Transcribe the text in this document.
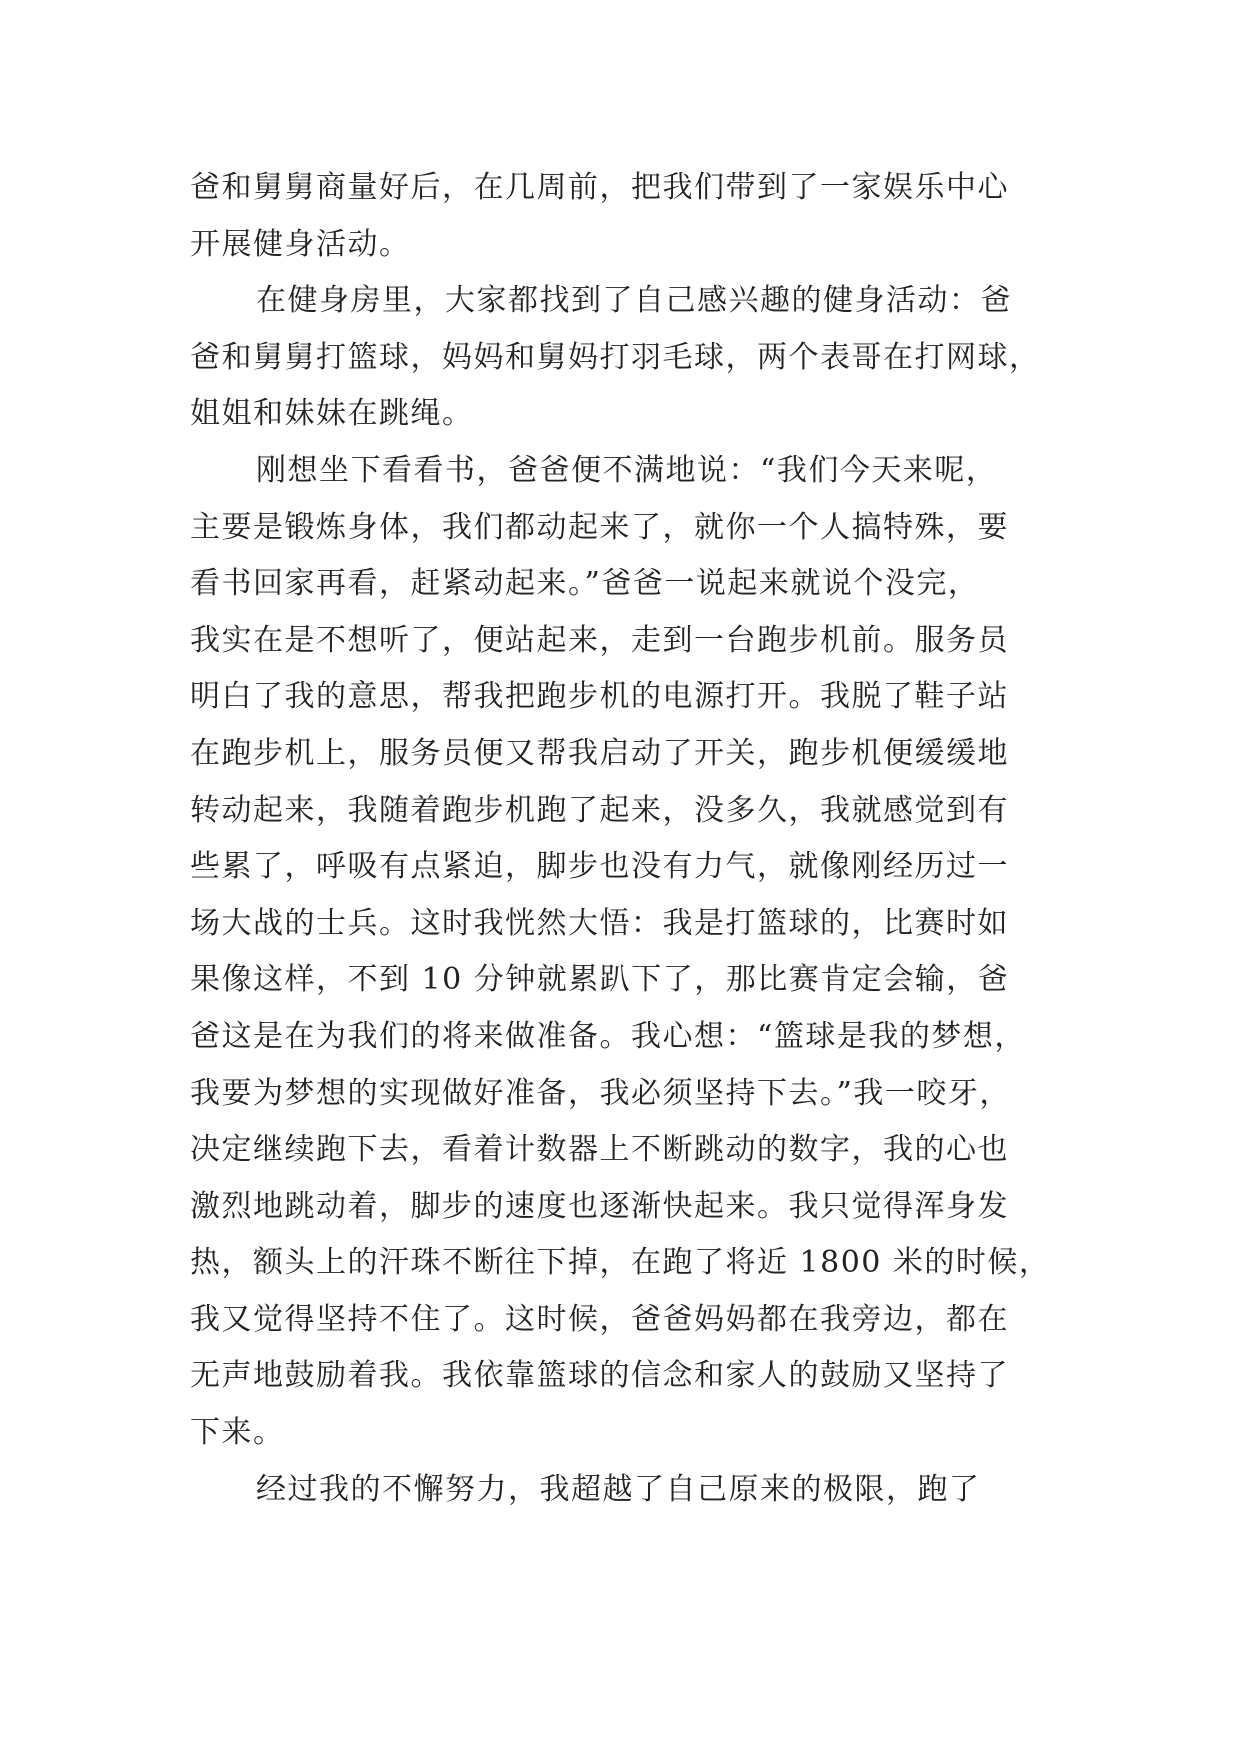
爸和舅舅商量好后，在几周前，把我们带到了一家娱乐中心
开展健身活动。
在健身房里，大家都找到了自己感兴趣的健身活动：爸
爸和舅舅打篮球，妈妈和舅妈打羽毛球，两个表哥在打网球，
姐姐和妹妹在跳绳。
刚想坐下看看书，爸爸便不满地说：“我们今天来呢，
主要是锻炼身体，我们都动起来了，就你一个人搞特殊，要
看书回家再看，赶紧动起来。”爸爸一说起来就说个没完，
我实在是不想听了，便站起来，走到一台跑步机前。服务员
明白了我的意思，帮我把跑步机的电源打开。我脱了鞋子站
在跑步机上，服务员便又帮我启动了开关，跑步机便缓缓地
转动起来，我随着跑步机跑了起来，没多久，我就感觉到有
些累了，呼吸有点紧迫，脚步也没有力气，就像刚经历过一
场大战的士兵。这时我恍然大悟：我是打篮球的，比赛时如
果像这样，不到 10 分钟就累趴下了，那比赛肯定会输，爸
爸这是在为我们的将来做准备。我心想：“篮球是我的梦想，
我要为梦想的实现做好准备，我必须坚持下去。”我一咬牙，
决定继续跑下去，看着计数器上不断跳动的数字，我的心也
激烈地跳动着，脚步的速度也逐渐快起来。我只觉得浑身发
热，额头上的汗珠不断往下掉，在跑了将近 1800 米的时候，
我又觉得坚持不住了。这时候，爸爸妈妈都在我旁边，都在
无声地鼓励着我。我依靠篮球的信念和家人的鼓励又坚持了
下来。
经过我的不懈努力，我超越了自己原来的极限，跑了
